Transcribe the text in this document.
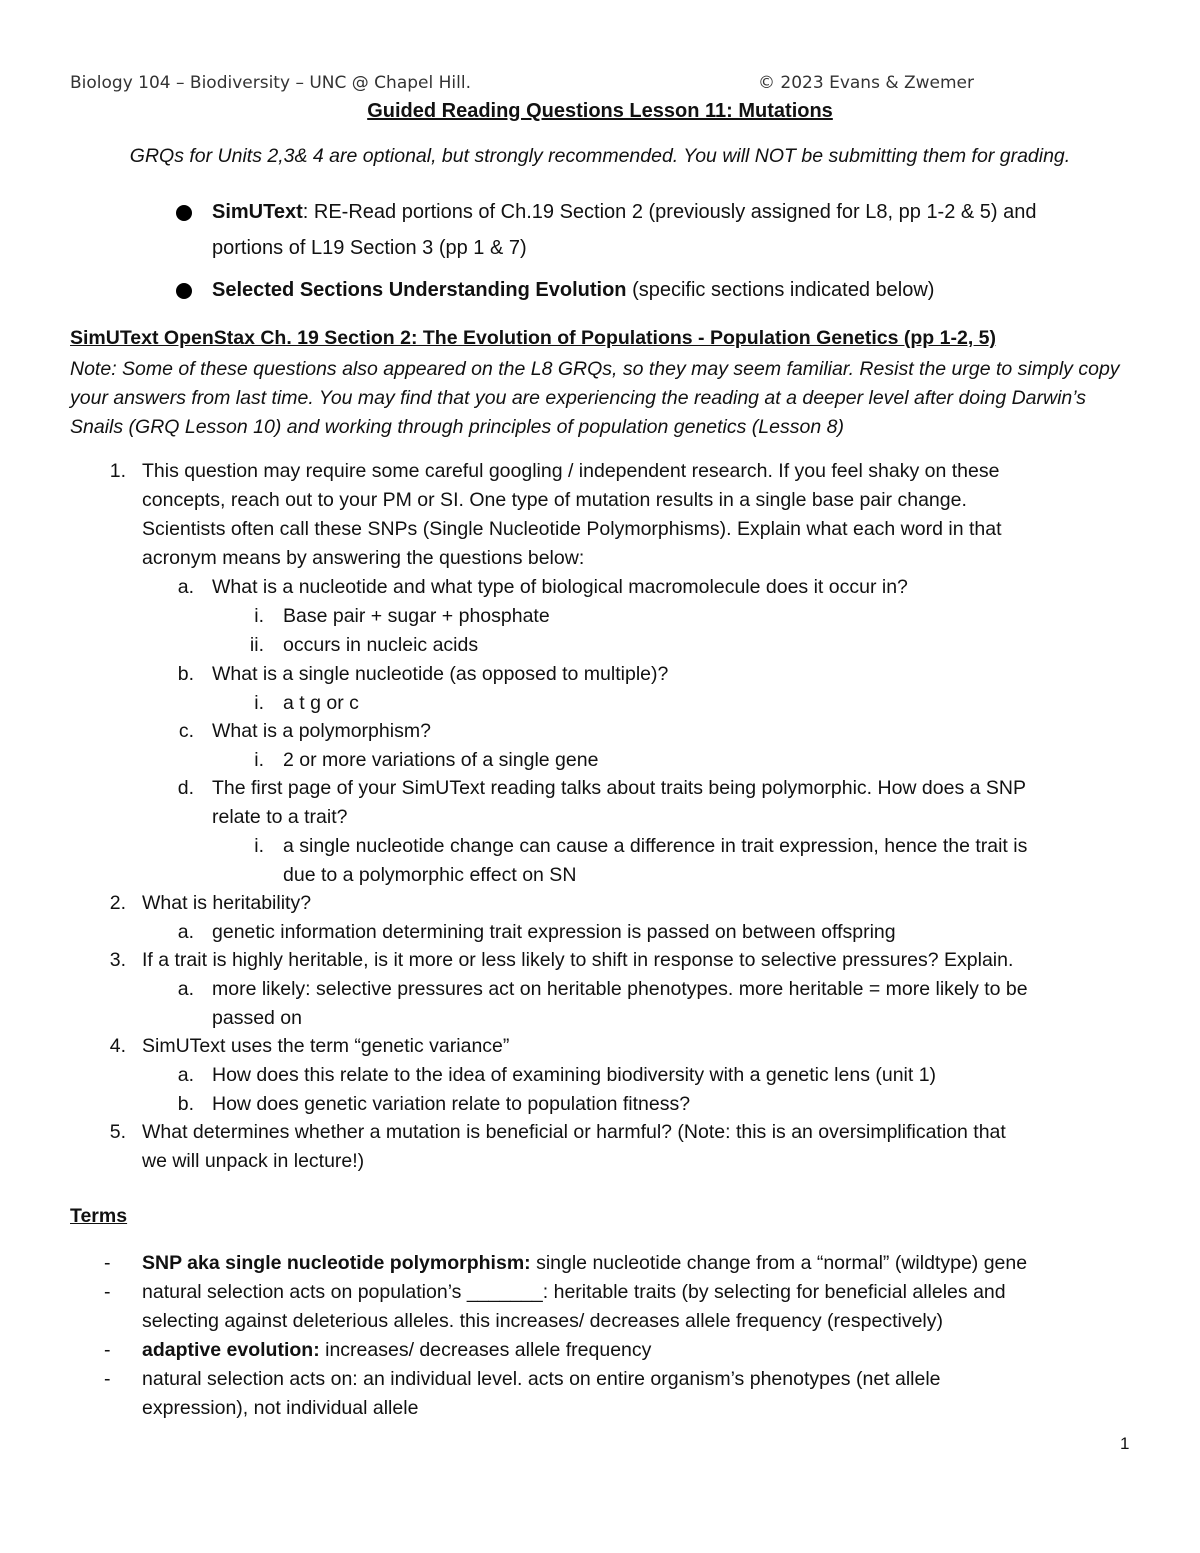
Biology 104 – Biodiversity – UNC @ Chapel Hill.	© 2023 Evans & Zwemer
Guided Reading Questions Lesson 11: Mutations
GRQs for Units 2,3& 4 are optional, but strongly recommended. You will NOT be submitting them for grading.
SimUText: RE-Read portions of Ch.19 Section 2 (previously assigned for L8, pp 1-2 & 5) and
portions of L19 Section 3 (pp 1 & 7)
Selected Sections Understanding Evolution (specific sections indicated below)
SimUText OpenStax Ch. 19 Section 2: The Evolution of Populations - Population Genetics (pp 1-2, 5)
Note: Some of these questions also appeared on the L8 GRQs, so they may seem familiar. Resist the urge to simply copy your answers from last time. You may find that you are experiencing the reading at a deeper level after doing Darwin’s Snails (GRQ Lesson 10) and working through principles of population genetics (Lesson 8)
1. This question may require some careful googling / independent research. If you feel shaky on these
concepts, reach out to your PM or SI. One type of mutation results in a single base pair change.
Scientists often call these SNPs (Single Nucleotide Polymorphisms). Explain what each word in that
acronym means by answering the questions below:
a. What is a nucleotide and what type of biological macromolecule does it occur in?
i. Base pair + sugar + phosphate
ii. occurs in nucleic acids
b. What is a single nucleotide (as opposed to multiple)?
i. a t g or c
c. What is a polymorphism?
i. 2 or more variations of a single gene
d. The first page of your SimUText reading talks about traits being polymorphic. How does a SNP
relate to a trait?
i. a single nucleotide change can cause a difference in trait expression, hence the trait is
due to a polymorphic effect on SN
2. What is heritability?
a. genetic information determining trait expression is passed on between offspring
3. If a trait is highly heritable, is it more or less likely to shift in response to selective pressures? Explain.
a. more likely: selective pressures act on heritable phenotypes. more heritable = more likely to be
passed on
4. SimUText uses the term “genetic variance”
a. How does this relate to the idea of examining biodiversity with a genetic lens (unit 1)
b. How does genetic variation relate to population fitness?
5. What determines whether a mutation is beneficial or harmful? (Note: this is an oversimplification that
we will unpack in lecture!)
Terms
- SNP aka single nucleotide polymorphism: single nucleotide change from a “normal” (wildtype) gene
- natural selection acts on population’s _______: heritable traits (by selecting for beneficial alleles and
selecting against deleterious alleles. this increases/ decreases allele frequency (respectively)
- adaptive evolution: increases/ decreases allele frequency
- natural selection acts on: an individual level. acts on entire organism’s phenotypes (net allele
expression), not individual allele
1
